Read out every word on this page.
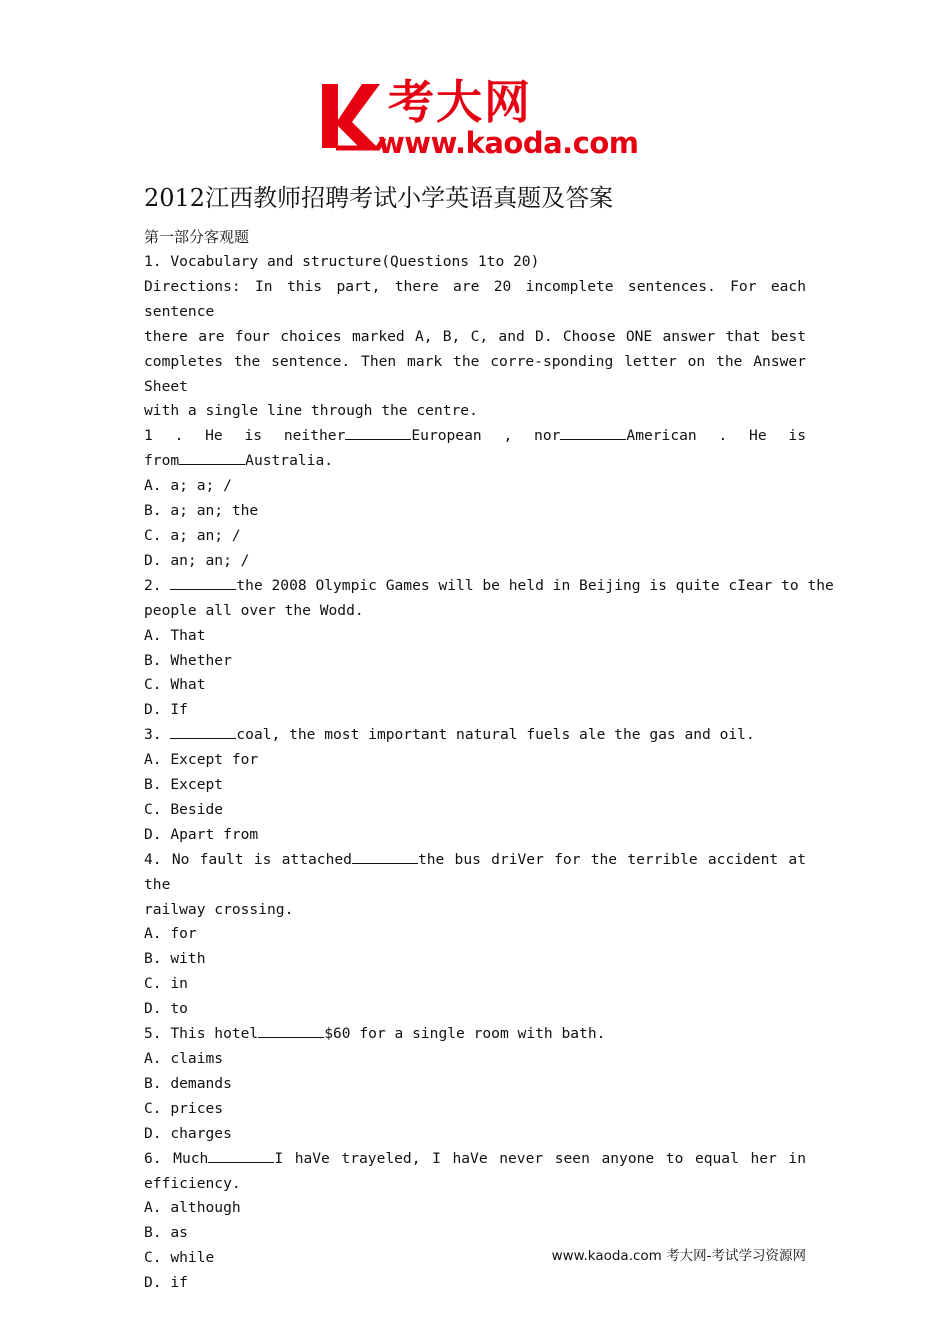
考大网
www.kaoda.com
2012江西教师招聘考试小学英语真题及答案
第一部分客观题
1. Vocabulary and structure(Questions 1to 20)
Directions: In this part, there are 20 incomplete sentences. For each sentence
there are four choices marked A, B, C, and D. Choose ONE answer that best
completes the sentence. Then mark the corre-sponding letter on the Answer Sheet
with a single line through the centre.
1 . He is neither	European , nor	American . He is
from	Australia.
A. a; a; /
B. a; an; the
C. a; an; /
D. an; an; /
2.	the 2008 Olympic Games will be held in Beijing is quite cIear to the
people all over the Wodd.
A. That
B. Whether
C. What
D. If
3.	coal, the most important natural fuels ale the gas and oil.
A. Except for
B. Except
C. Beside
D. Apart from
4. No fault is attached	the bus driVer for the terrible accident at the
railway crossing.
A. for
B. with
C. in
D. to
5. This hotel	$60 for a single room with bath.
A. claims
B. demands
C. prices
D. charges
6. Much	I haVe trayeled, I haVe never seen anyone to equal her in
efficiency.
A. although
B. as
C. while
D. if
www.kaoda.com 考大网-考试学习资源网
